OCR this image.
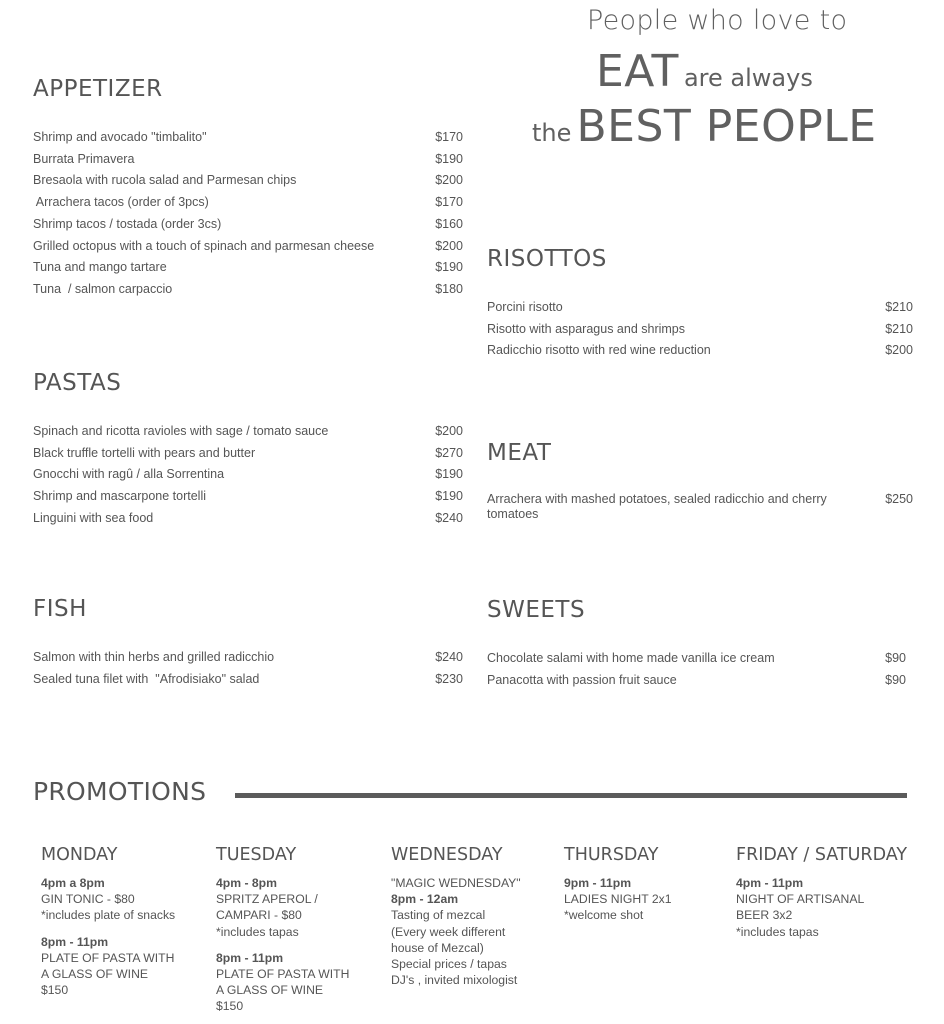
People who love to
EAT are always
the BEST PEOPLE
APPETIZER
Shrimp and avocado "timbalito"	$170
Burrata Primavera	$190
Bresaola with rucola salad and Parmesan chips	$200
Arrachera tacos (order of 3pcs)	$170
Shrimp tacos / tostada (order 3cs)	$160
Grilled octopus with a touch of spinach and parmesan cheese	$200
Tuna and mango tartare	$190
Tuna  / salmon carpaccio	$180
PASTAS
Spinach and ricotta ravioles with sage / tomato sauce	$200
Black truffle tortelli with pears and butter	$270
Gnocchi with ragû / alla Sorrentina	$190
Shrimp and mascarpone tortelli	$190
Linguini with sea food	$240
FISH
Salmon with thin herbs and grilled radicchio	$240
Sealed tuna filet with  "Afrodisiako" salad	$230
RISOTTOS
Porcini risotto	$210
Risotto with asparagus and shrimps	$210
Radicchio risotto with red wine reduction	$200
MEAT
Arrachera with mashed potatoes, sealed radicchio and cherry tomatoes
$250
SWEETS
Chocolate salami with home made vanilla ice cream	$90
Panacotta with passion fruit sauce	$90
PROMOTIONS
MONDAY
4pm a 8pm
GIN TONIC - $80
*includes plate of snacks
8pm - 11pm
PLATE OF PASTA WITH
A GLASS OF WINE
$150
TUESDAY
4pm - 8pm
SPRITZ APEROL /
CAMPARI - $80
*includes tapas
8pm - 11pm
PLATE OF PASTA WITH
A GLASS OF WINE
$150
WEDNESDAY
"MAGIC WEDNESDAY"
8pm - 12am
Tasting of mezcal
(Every week different
house of Mezcal)
Special prices / tapas
DJ's , invited mixologist
THURSDAY
9pm - 11pm
LADIES NIGHT 2x1
*welcome shot
FRIDAY / SATURDAY
4pm - 11pm
NIGHT OF ARTISANAL
BEER 3x2
*includes tapas
